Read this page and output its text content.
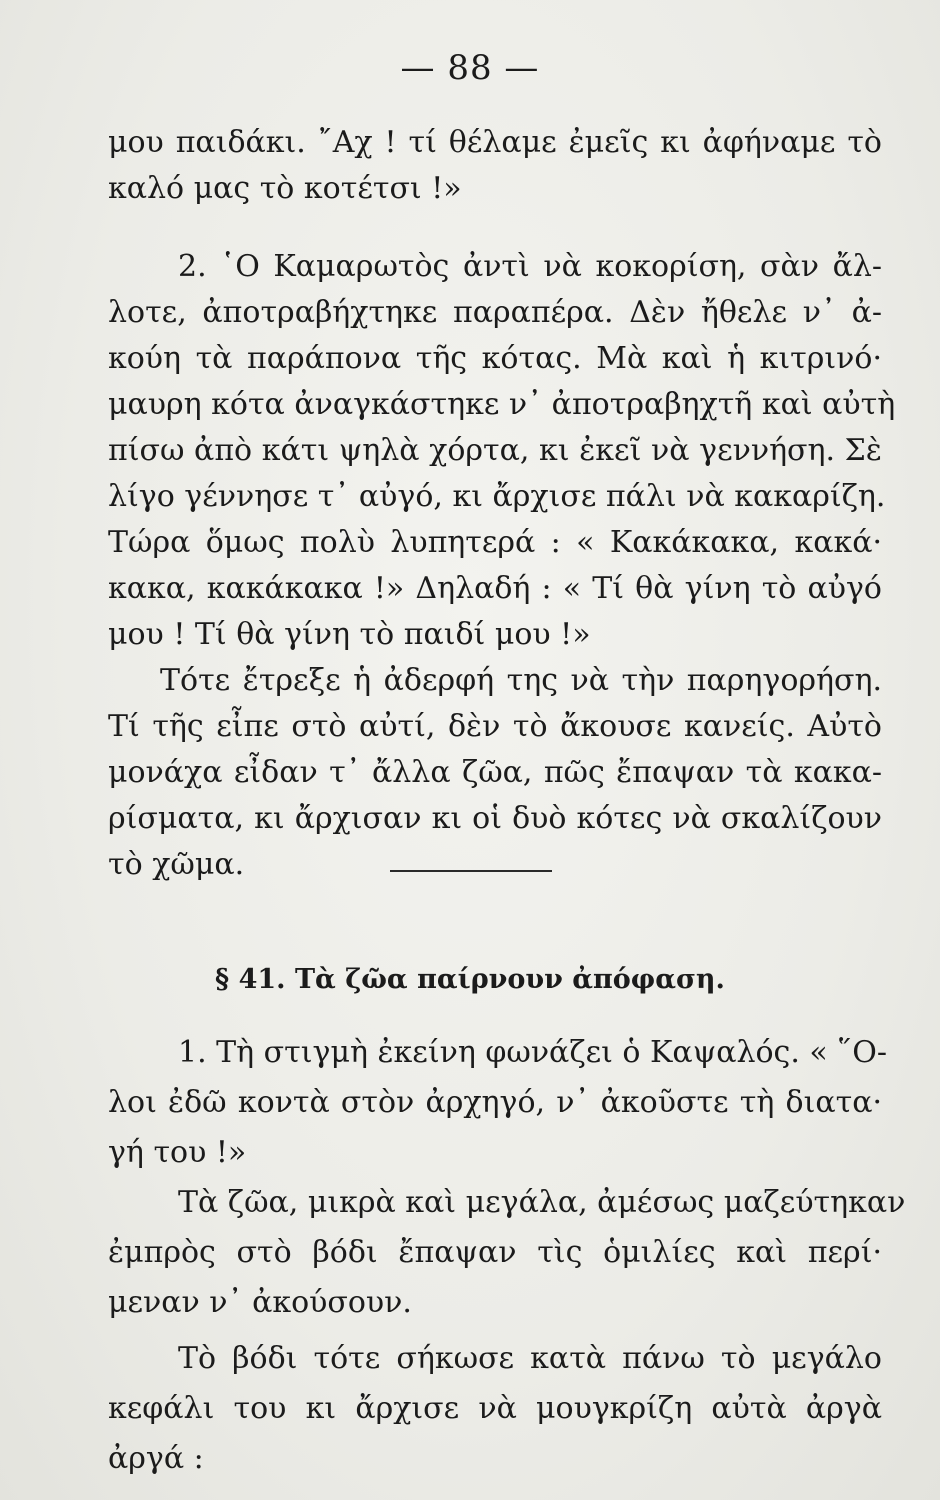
— 88 —
μου παιδάκι. ῎Αχ ! τί θέλαμε ἐμεῖς κι ἀφήναμε τὸ
καλό μας τὸ κοτέτσι !»
2. ῾Ο Καμαρωτὸς ἀντὶ νὰ κοκορίση, σὰν ἄλ-
λοτε, ἀποτραβήχτηκε παραπέρα. Δὲν ἤθελε ν᾽ ἀ-
κούη τὰ παράπονα τῆς κότας. Μὰ καὶ ἡ κιτρινό·
μαυρη κότα ἀναγκάστηκε ν᾽ ἀποτραβηχτῆ καὶ αὐτὴ
πίσω ἀπὸ κάτι ψηλὰ χόρτα, κι ἐκεῖ νὰ γεννήση. Σὲ
λίγο γέννησε τ᾽ αὐγό, κι ἄρχισε πάλι νὰ κακαρίζη.
Τώρα ὅμως πολὺ λυπητερά : « Κακάκακα, κακά·
κακα, κακάκακα !» Δηλαδή : « Τί θὰ γίνη τὸ αὐγό
μου ! Τί θὰ γίνη τὸ παιδί μου !»
Τότε ἔτρεξε ἡ ἀδερφή της νὰ τὴν παρηγορήση.
Τί τῆς εἶπε στὸ αὐτί, δὲν τὸ ἄκουσε κανείς. Αὐτὸ
μονάχα εἶδαν τ᾽ ἄλλα ζῶα, πῶς ἔπαψαν τὰ κακα-
ρίσματα, κι ἄρχισαν κι οἱ δυὸ κότες νὰ σκαλίζουν
τὸ χῶμα.
§ 41. Τὰ ζῶα παίρνουν ἀπόφαση.
1. Τὴ στιγμὴ ἐκείνη φωνάζει ὁ Καψαλός. « ῞Ο-
λοι ἐδῶ κοντὰ στὸν ἀρχηγό, ν᾽ ἀκοῦστε τὴ διατα·
γή του !»
Τὰ ζῶα, μικρὰ καὶ μεγάλα, ἀμέσως μαζεύτηκαν
ἐμπρὸς στὸ βόδι ἔπαψαν τὶς ὁμιλίες καὶ περί·
μεναν ν᾽ ἀκούσουν.
Τὸ βόδι τότε σήκωσε κατὰ πάνω τὸ μεγάλο
κεφάλι του κι ἄρχισε νὰ μουγκρίζη αὐτὰ ἀργὰ
ἀργά :
